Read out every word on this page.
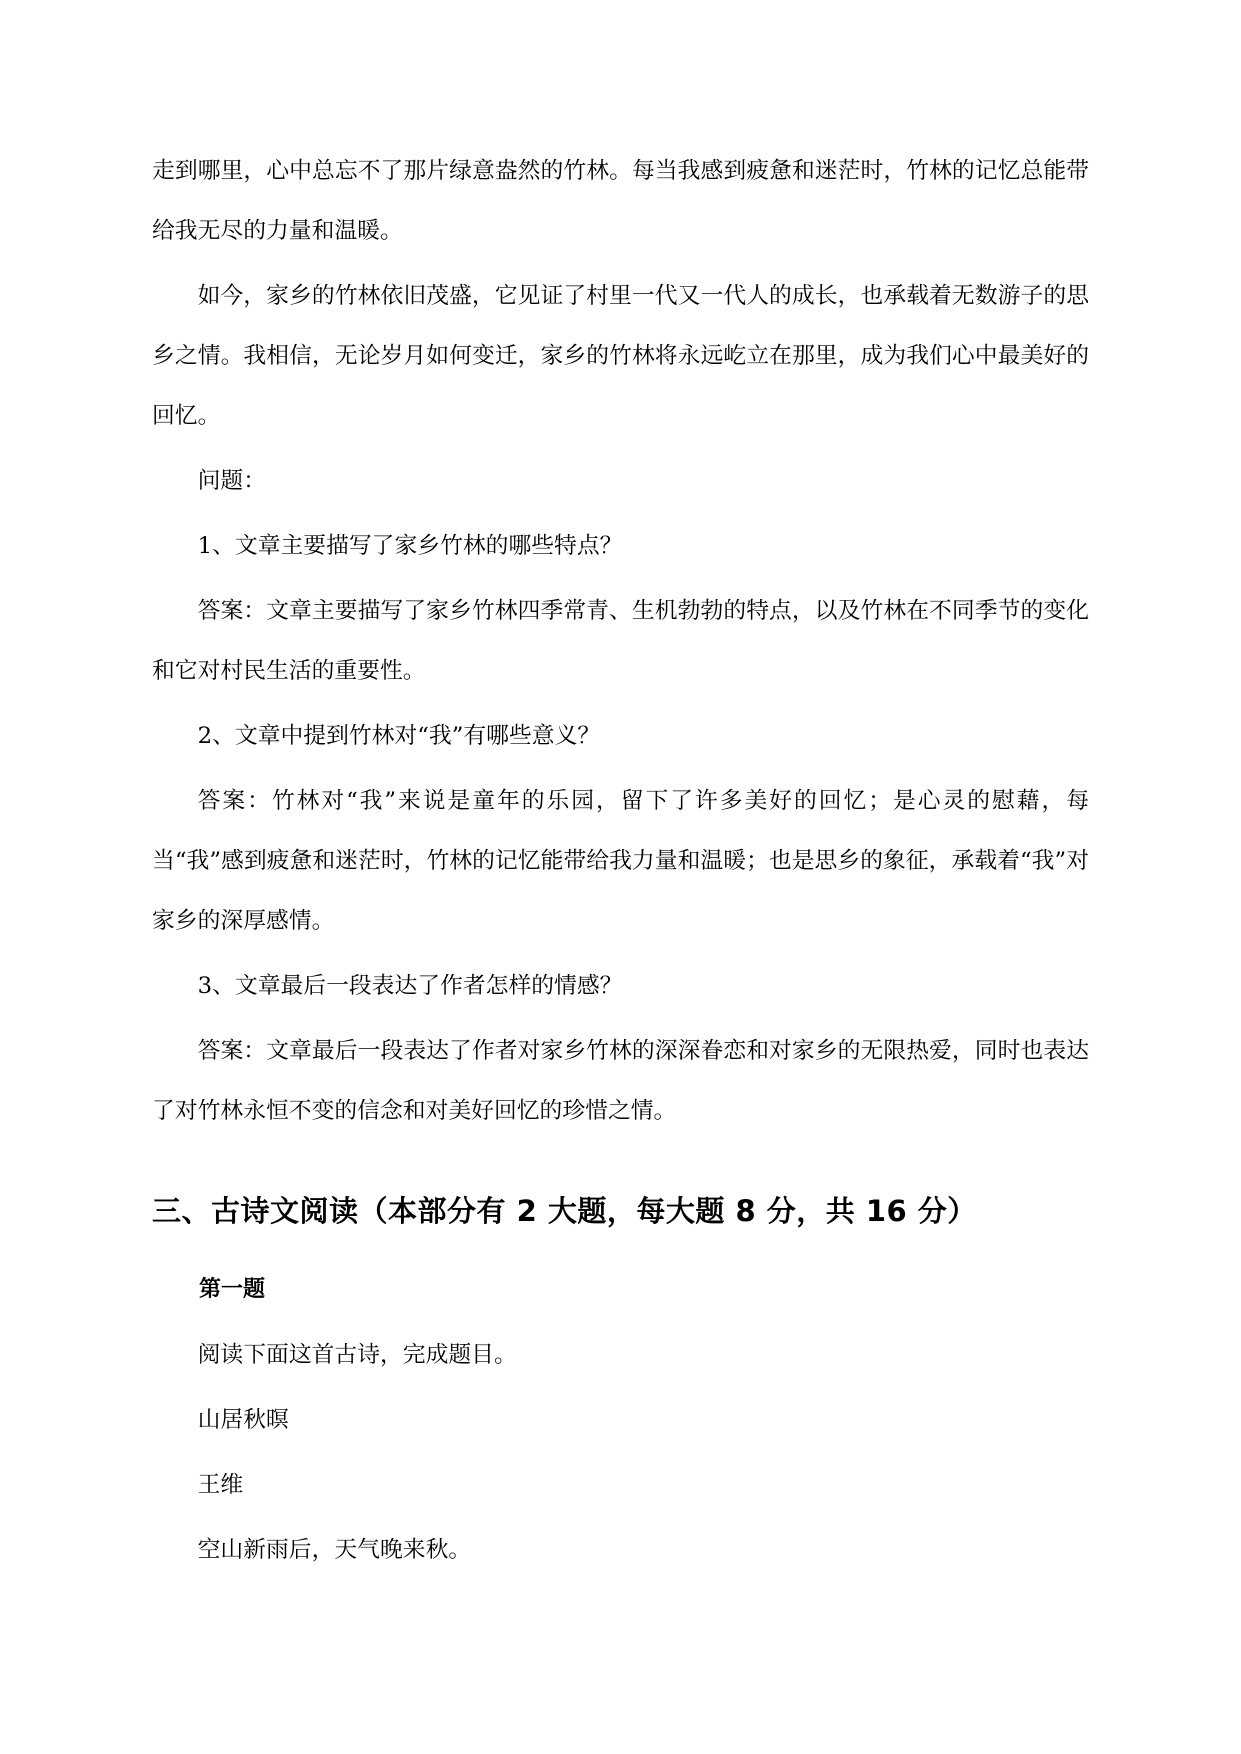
走到哪里，心中总忘不了那片绿意盎然的竹林。每当我感到疲惫和迷茫时，竹林的记忆总能带给我无尽的力量和温暖。

如今，家乡的竹林依旧茂盛，它见证了村里一代又一代人的成长，也承载着无数游子的思乡之情。我相信，无论岁月如何变迁，家乡的竹林将永远屹立在那里，成为我们心中最美好的回忆。

问题：

1、文章主要描写了家乡竹林的哪些特点？

答案：文章主要描写了家乡竹林四季常青、生机勃勃的特点，以及竹林在不同季节的变化和它对村民生活的重要性。

2、文章中提到竹林对“我”有哪些意义？

答案：竹林对“我”来说是童年的乐园，留下了许多美好的回忆；是心灵的慰藉，每当“我”感到疲惫和迷茫时，竹林的记忆能带给我力量和温暖；也是思乡的象征，承载着“我”对家乡的深厚感情。

3、文章最后一段表达了作者怎样的情感？

答案：文章最后一段表达了作者对家乡竹林的深深眷恋和对家乡的无限热爱，同时也表达了对竹林永恒不变的信念和对美好回忆的珍惜之情。

三、古诗文阅读（本部分有 2 大题，每大题 8 分，共 16 分）

第一题

阅读下面这首古诗，完成题目。

山居秋暝

王维

空山新雨后，天气晚来秋。
